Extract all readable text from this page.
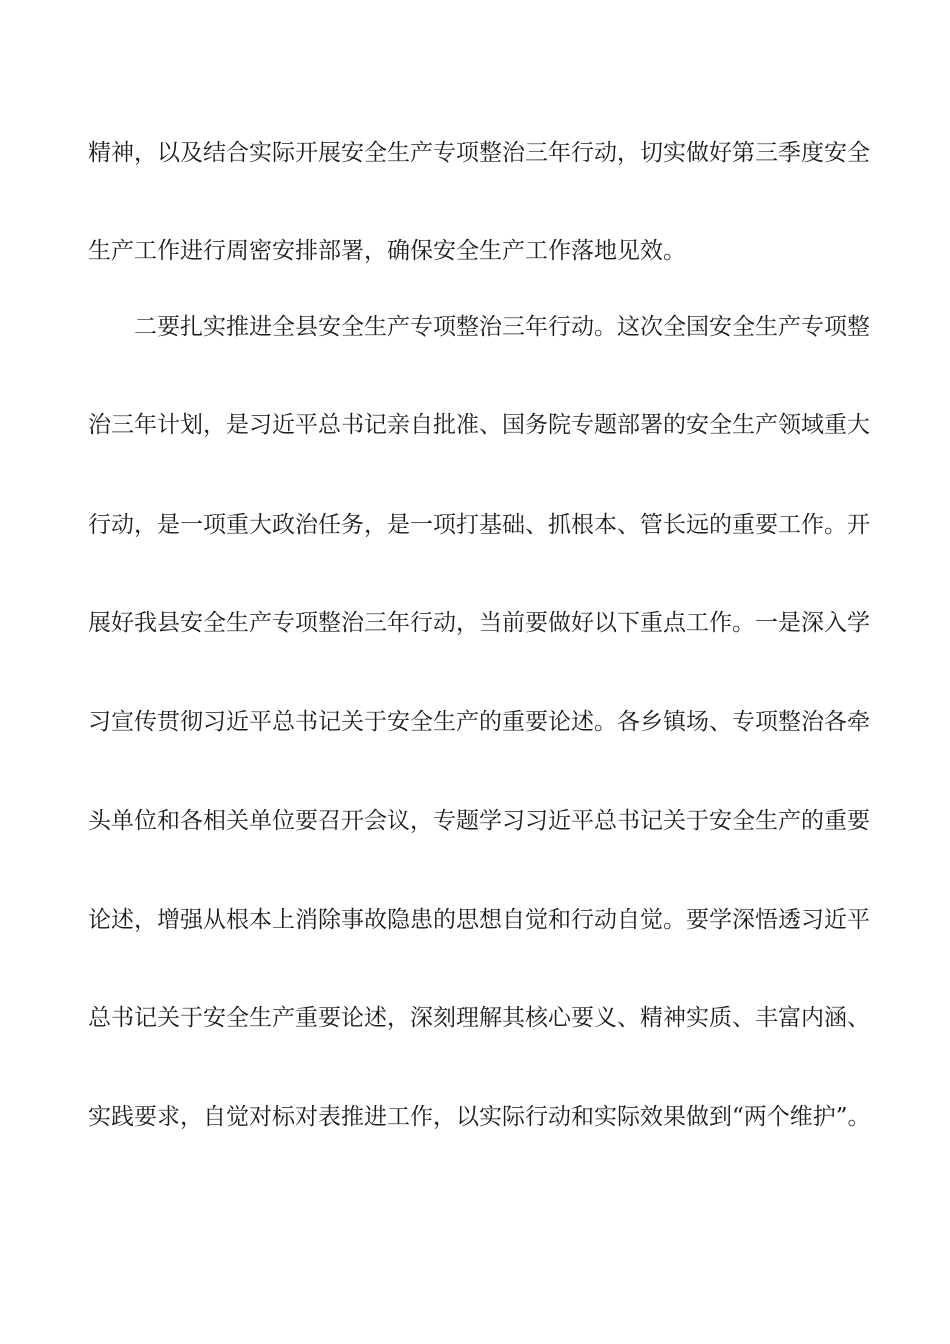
精神，以及结合实际开展安全生产专项整治三年行动，切实做好第三季度安全
生产工作进行周密安排部署，确保安全生产工作落地见效。
二要扎实推进全县安全生产专项整治三年行动。这次全国安全生产专项整
治三年计划，是习近平总书记亲自批准、国务院专题部署的安全生产领域重大
行动，是一项重大政治任务，是一项打基础、抓根本、管长远的重要工作。开
展好我县安全生产专项整治三年行动，当前要做好以下重点工作。一是深入学
习宣传贯彻习近平总书记关于安全生产的重要论述。各乡镇场、专项整治各牵
头单位和各相关单位要召开会议，专题学习习近平总书记关于安全生产的重要
论述，增强从根本上消除事故隐患的思想自觉和行动自觉。要学深悟透习近平
总书记关于安全生产重要论述，深刻理解其核心要义、精神实质、丰富内涵、
实践要求，自觉对标对表推进工作，以实际行动和实际效果做到“两个维护”。
